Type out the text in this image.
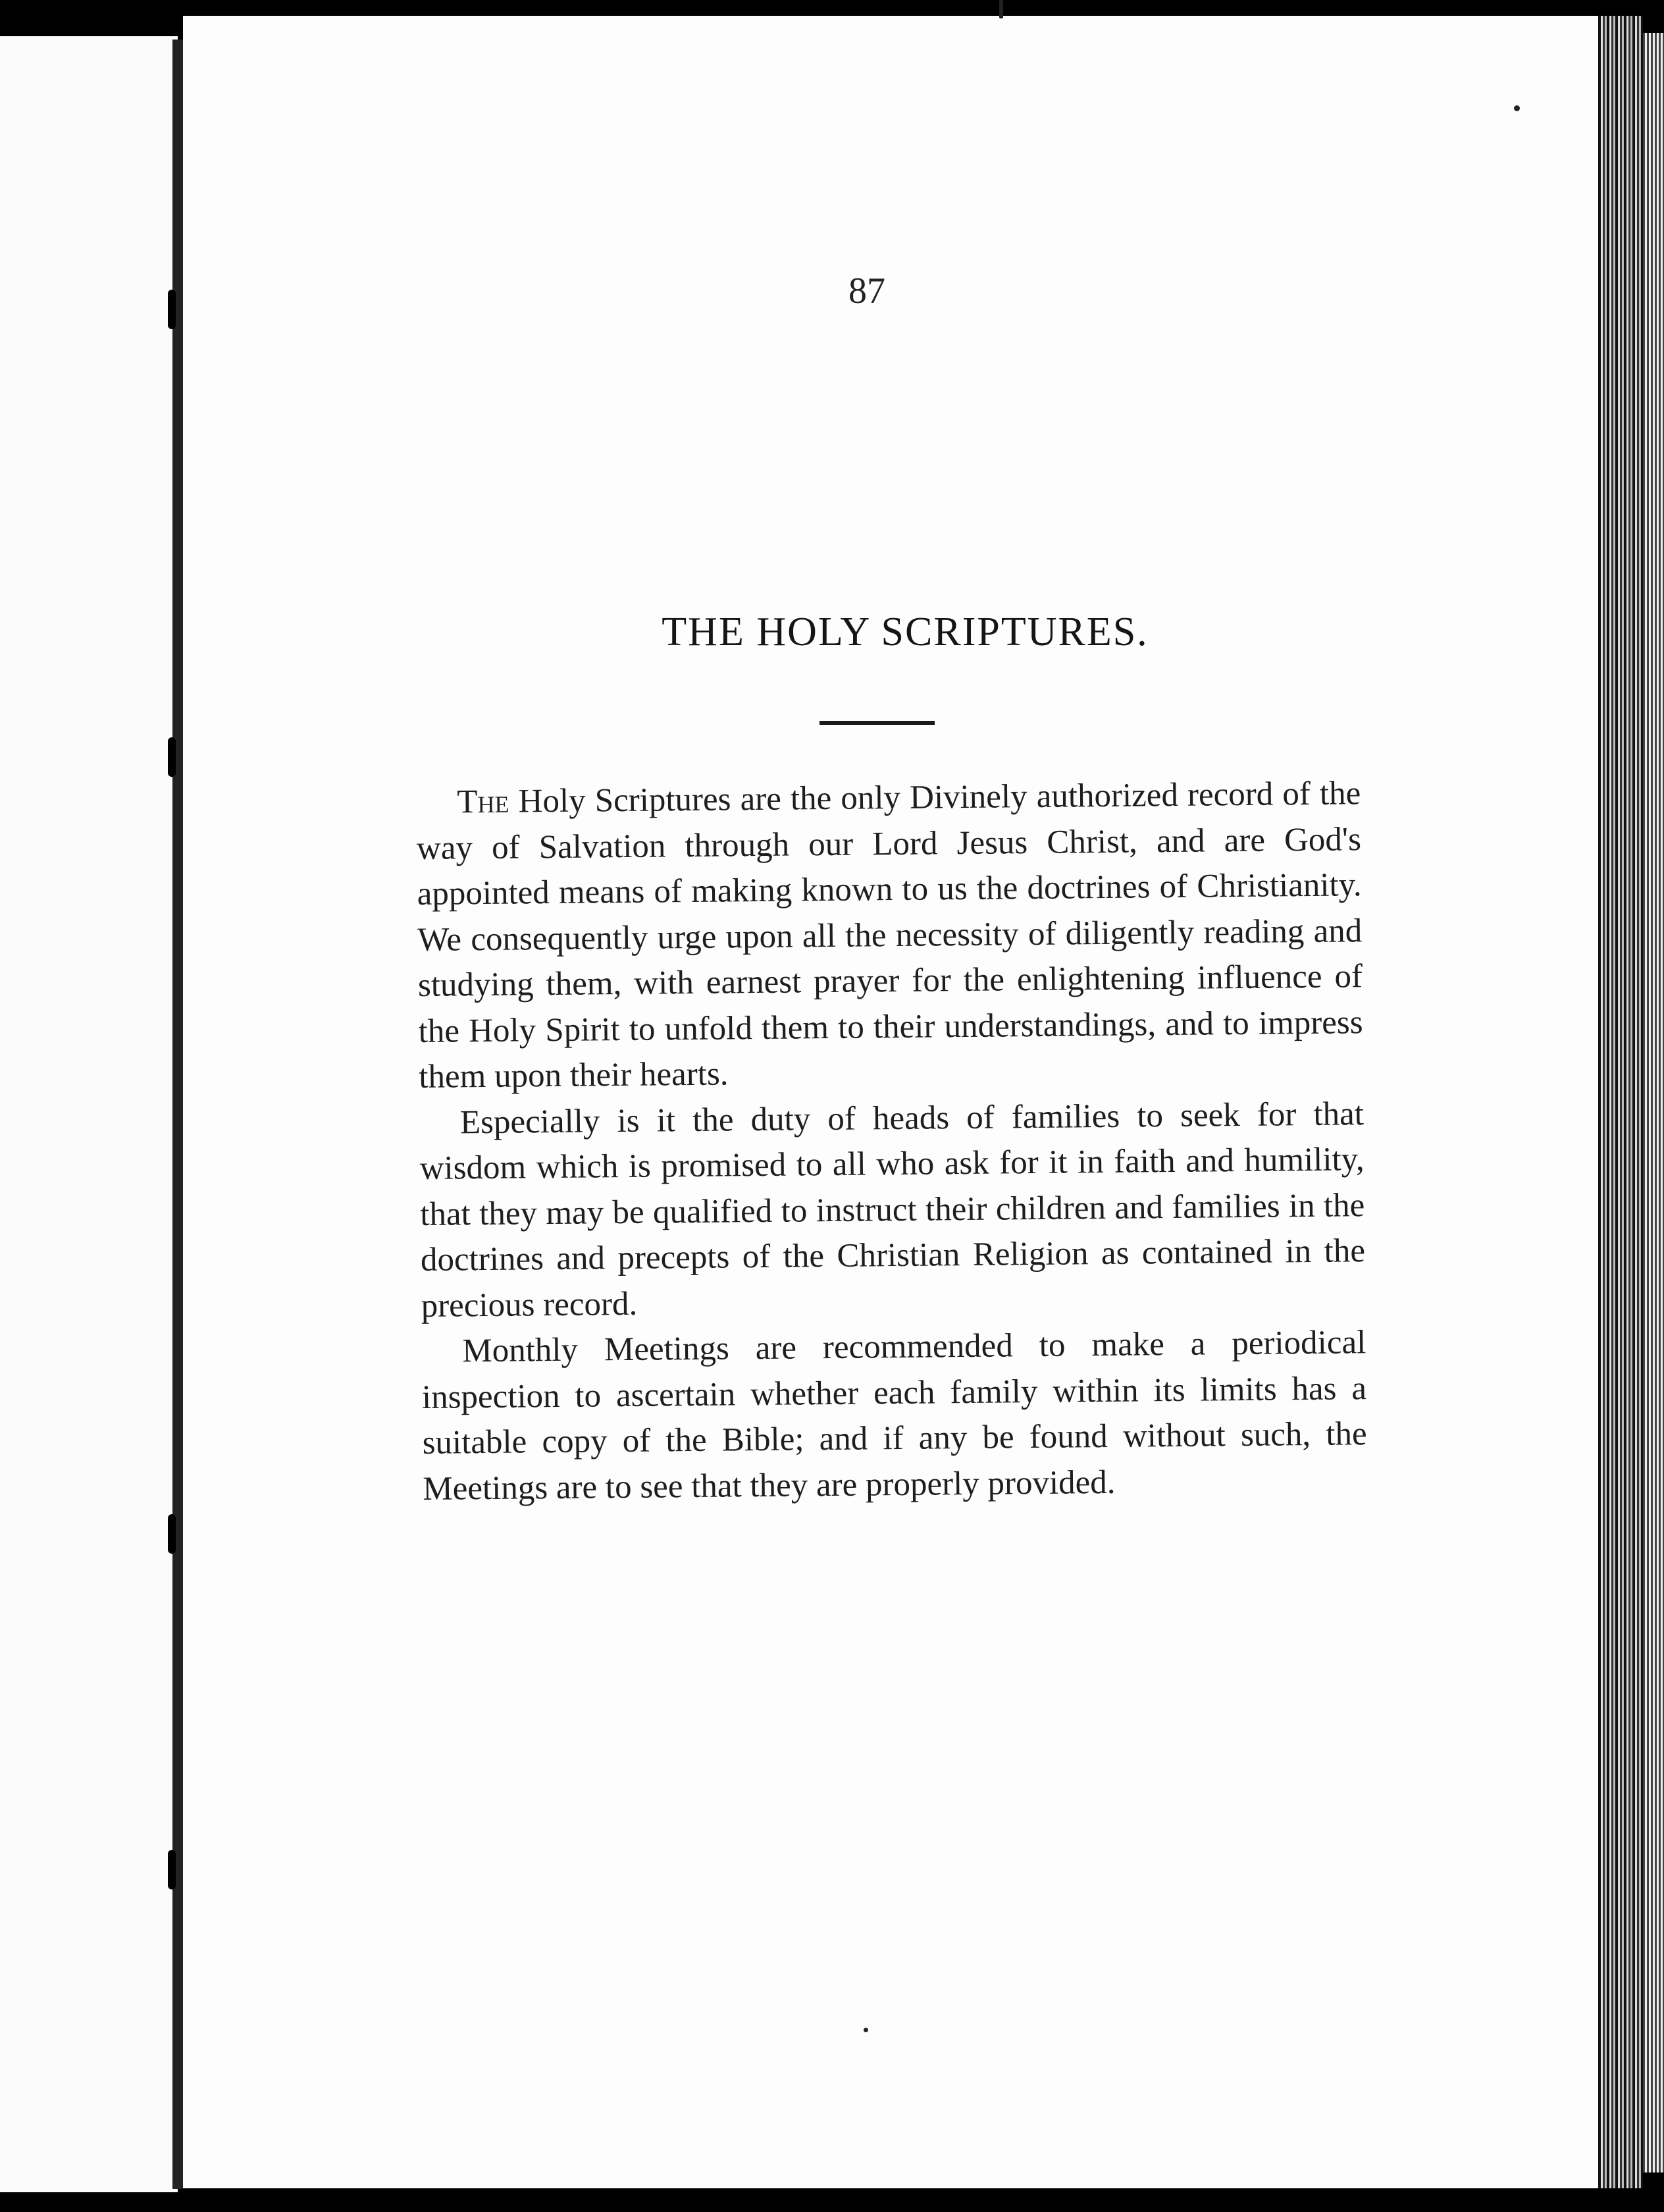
87
THE HOLY SCRIPTURES.

The Holy Scriptures are the only Divinely authorized record of the way of Salvation through our Lord Jesus Christ, and are God's appointed means of making known to us the doctrines of Christianity. We consequently urge upon all the necessity of diligently reading and studying them, with earnest prayer for the enlightening influence of the Holy Spirit to unfold them to their understandings, and to impress them upon their hearts.

Especially is it the duty of heads of families to seek for that wisdom which is promised to all who ask for it in faith and humility, that they may be qualified to instruct their children and families in the doctrines and precepts of the Christian Religion as contained in the precious record.

Monthly Meetings are recommended to make a periodical inspection to ascertain whether each family within its limits has a suitable copy of the Bible; and if any be found without such, the Meetings are to see that they are properly provided.
